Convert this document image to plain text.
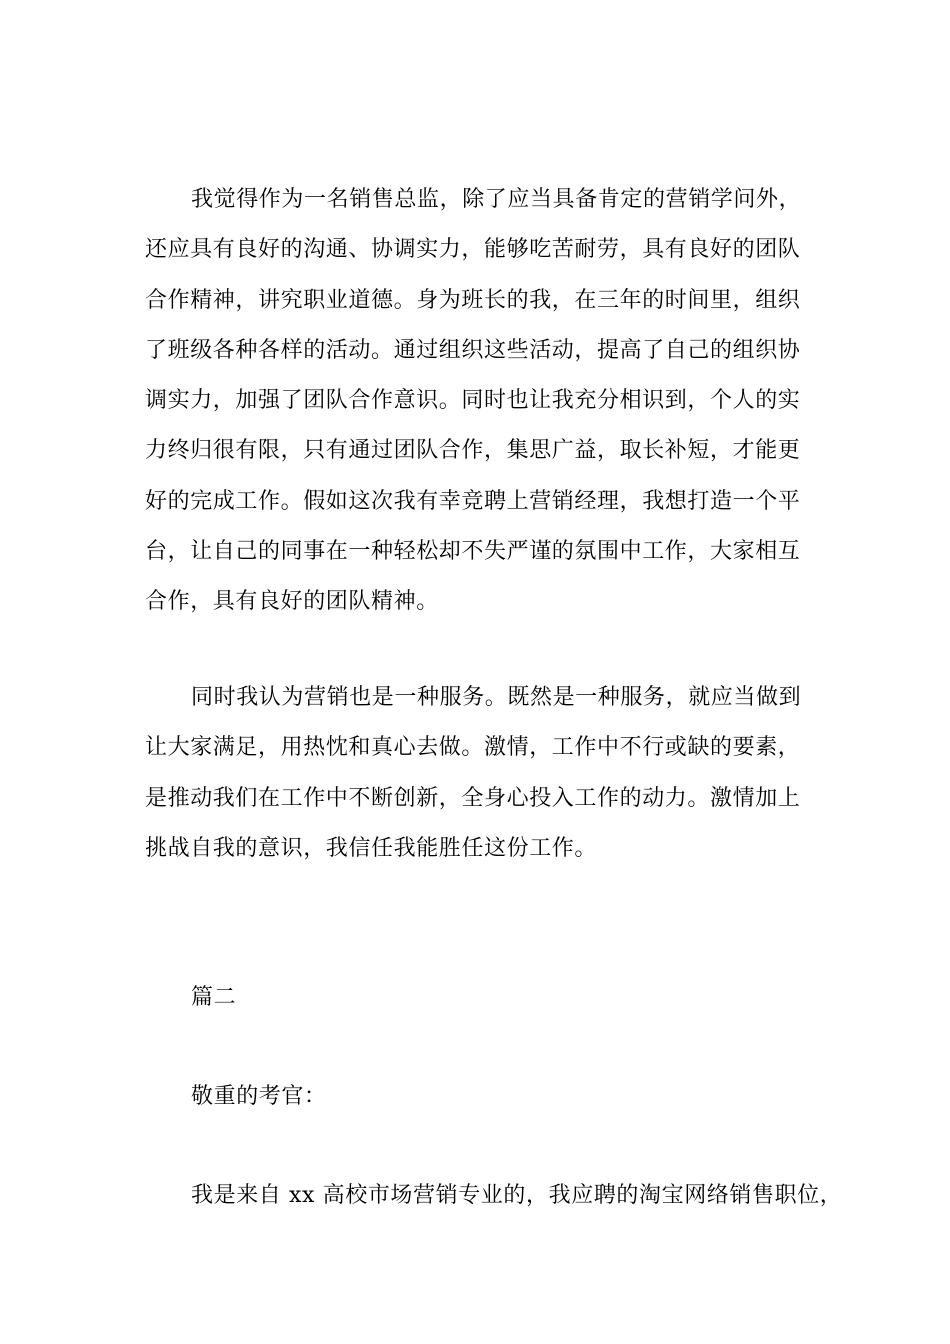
我觉得作为一名销售总监，除了应当具备肯定的营销学问外，
还应具有良好的沟通、协调实力，能够吃苦耐劳，具有良好的团队
合作精神，讲究职业道德。身为班长的我，在三年的时间里，组织
了班级各种各样的活动。通过组织这些活动，提高了自己的组织协
调实力，加强了团队合作意识。同时也让我充分相识到，个人的实
力终归很有限，只有通过团队合作，集思广益，取长补短，才能更
好的完成工作。假如这次我有幸竞聘上营销经理，我想打造一个平
台，让自己的同事在一种轻松却不失严谨的氛围中工作，大家相互
合作，具有良好的团队精神。
同时我认为营销也是一种服务。既然是一种服务，就应当做到
让大家满足，用热忱和真心去做。激情，工作中不行或缺的要素，
是推动我们在工作中不断创新，全身心投入工作的动力。激情加上
挑战自我的意识，我信任我能胜任这份工作。
篇二
敬重的考官：
我是来自 xx 高校市场营销专业的，我应聘的淘宝网络销售职位，
